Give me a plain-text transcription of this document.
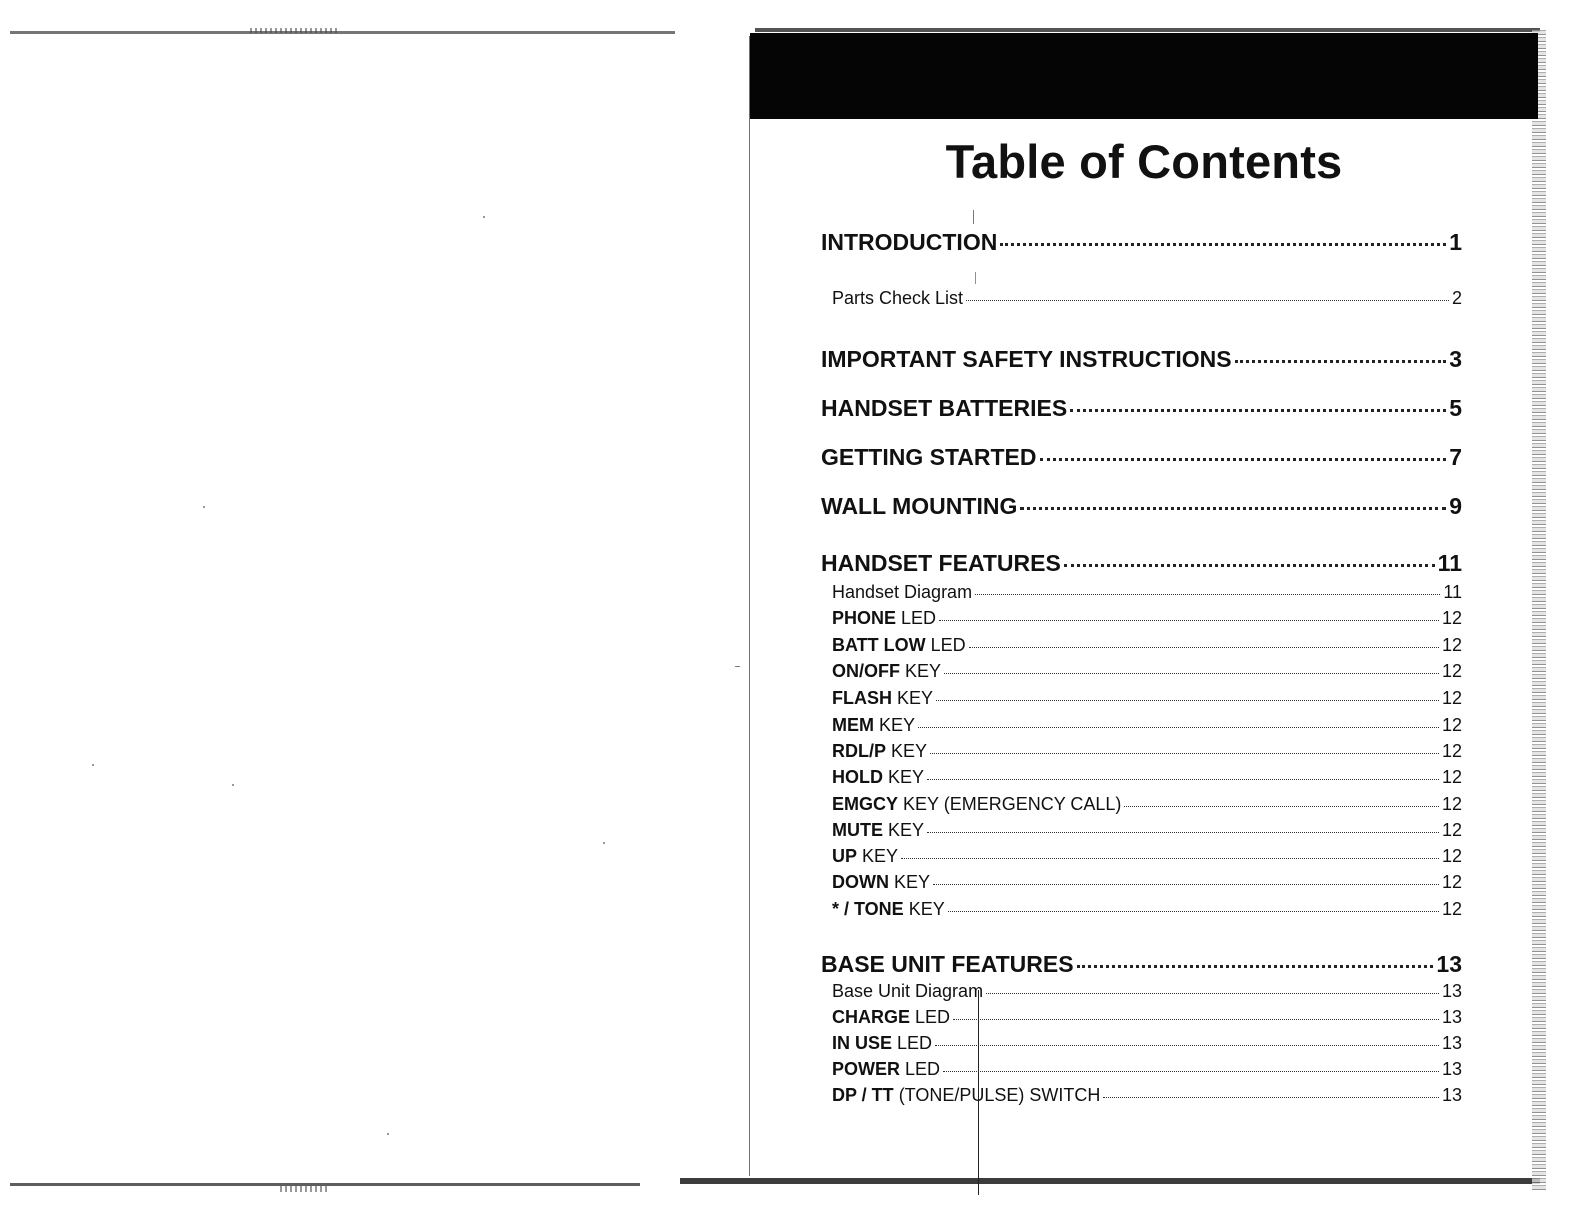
Table of Contents
INTRODUCTION	1
Parts Check List	2
IMPORTANT SAFETY INSTRUCTIONS	3
HANDSET BATTERIES	5
GETTING STARTED	7
WALL MOUNTING	9
HANDSET FEATURES	11
Handset Diagram	11
PHONE LED	12
BATT LOW LED	12
ON/OFF KEY	12
FLASH KEY	12
MEM KEY	12
RDL/P KEY	12
HOLD KEY	12
EMGCY KEY (EMERGENCY CALL)	12
MUTE KEY	12
UP KEY	12
DOWN KEY	12
* / TONE KEY	12
BASE UNIT FEATURES	13
Base Unit Diagram	13
CHARGE LED	13
IN USE LED	13
POWER LED	13
DP / TT (TONE/PULSE) SWITCH	13
